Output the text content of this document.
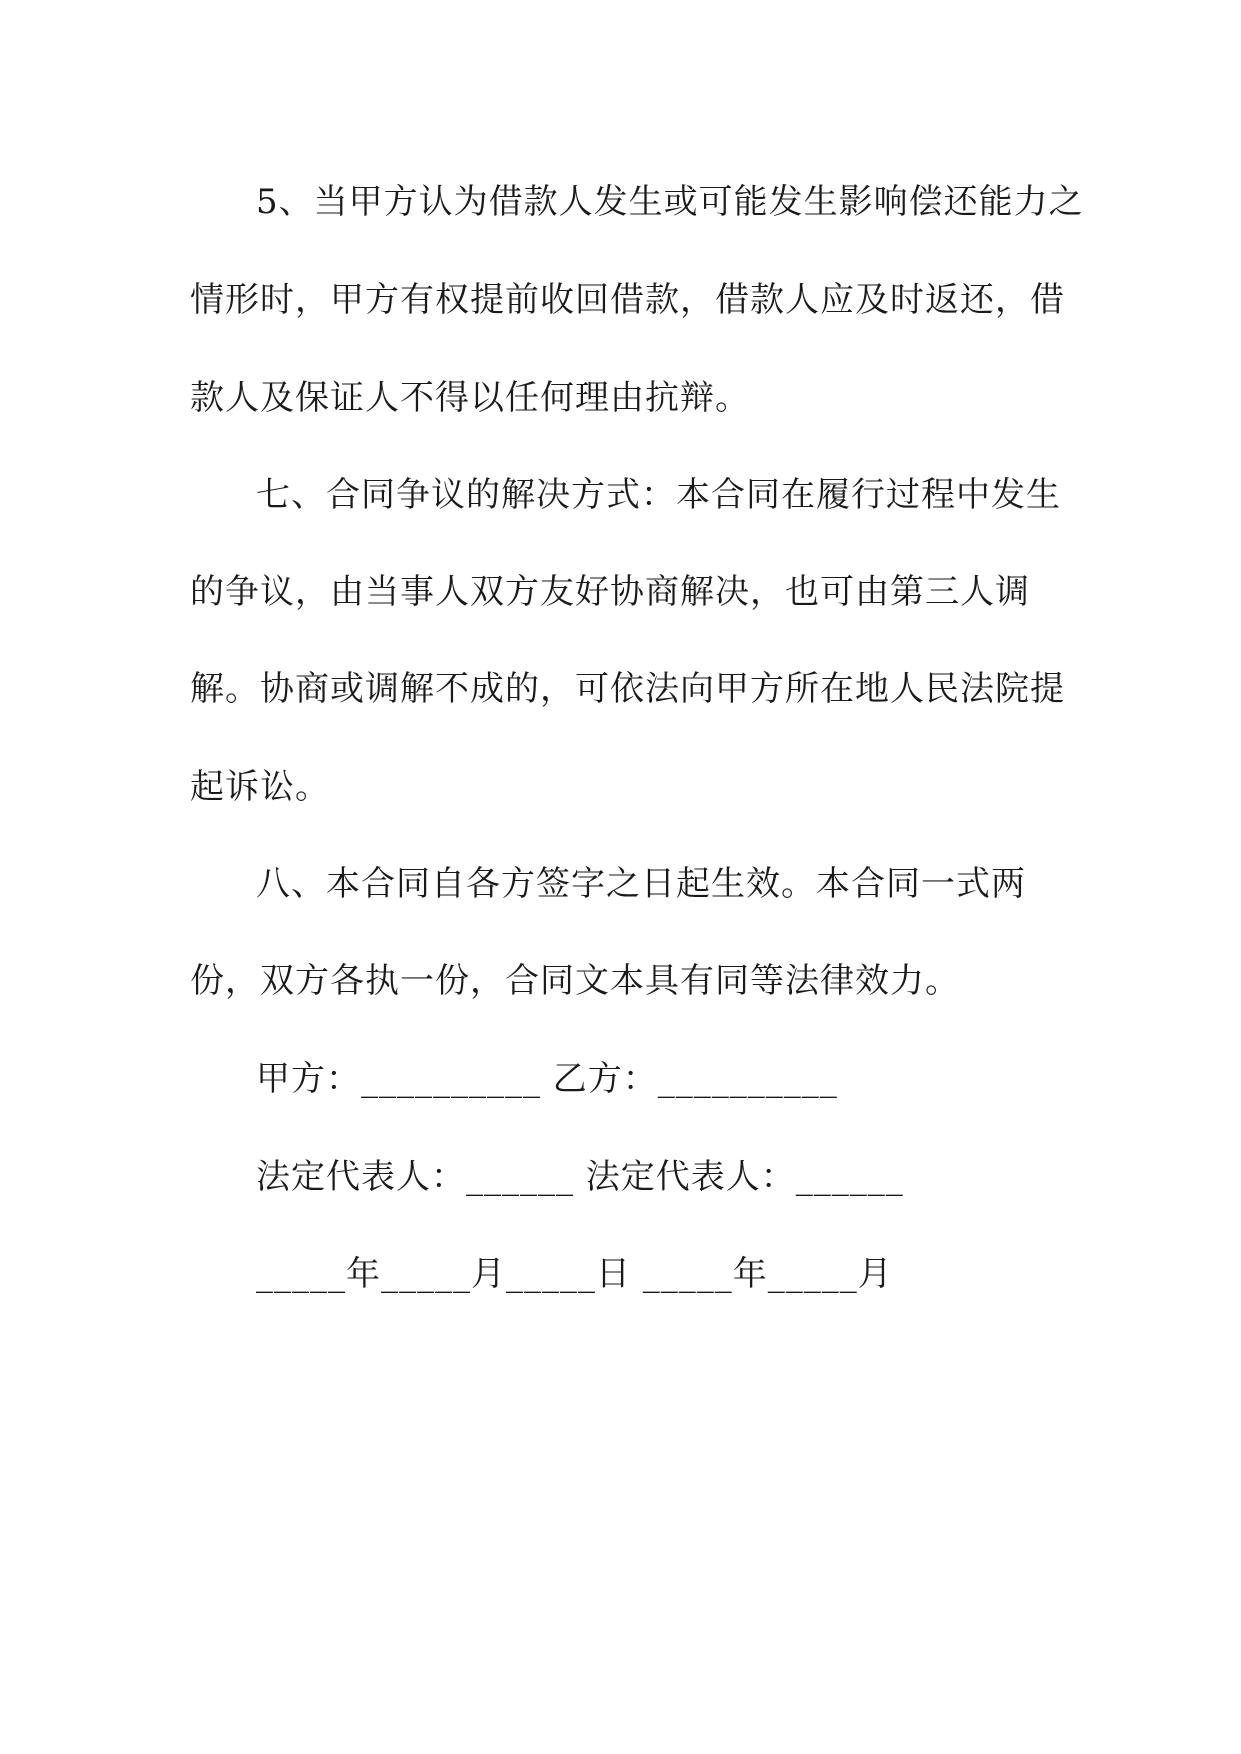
5、当甲方认为借款人发生或可能发生影响偿还能力之
情形时，甲方有权提前收回借款，借款人应及时返还，借
款人及保证人不得以任何理由抗辩。
七、合同争议的解决方式：本合同在履行过程中发生
的争议，由当事人双方友好协商解决，也可由第三人调
解。协商或调解不成的，可依法向甲方所在地人民法院提
起诉讼。
八、本合同自各方签字之日起生效。本合同一式两
份，双方各执一份，合同文本具有同等法律效力。
甲方：__________ 乙方：__________
法定代表人：______ 法定代表人：______
_____年_____月_____日 _____年_____月
